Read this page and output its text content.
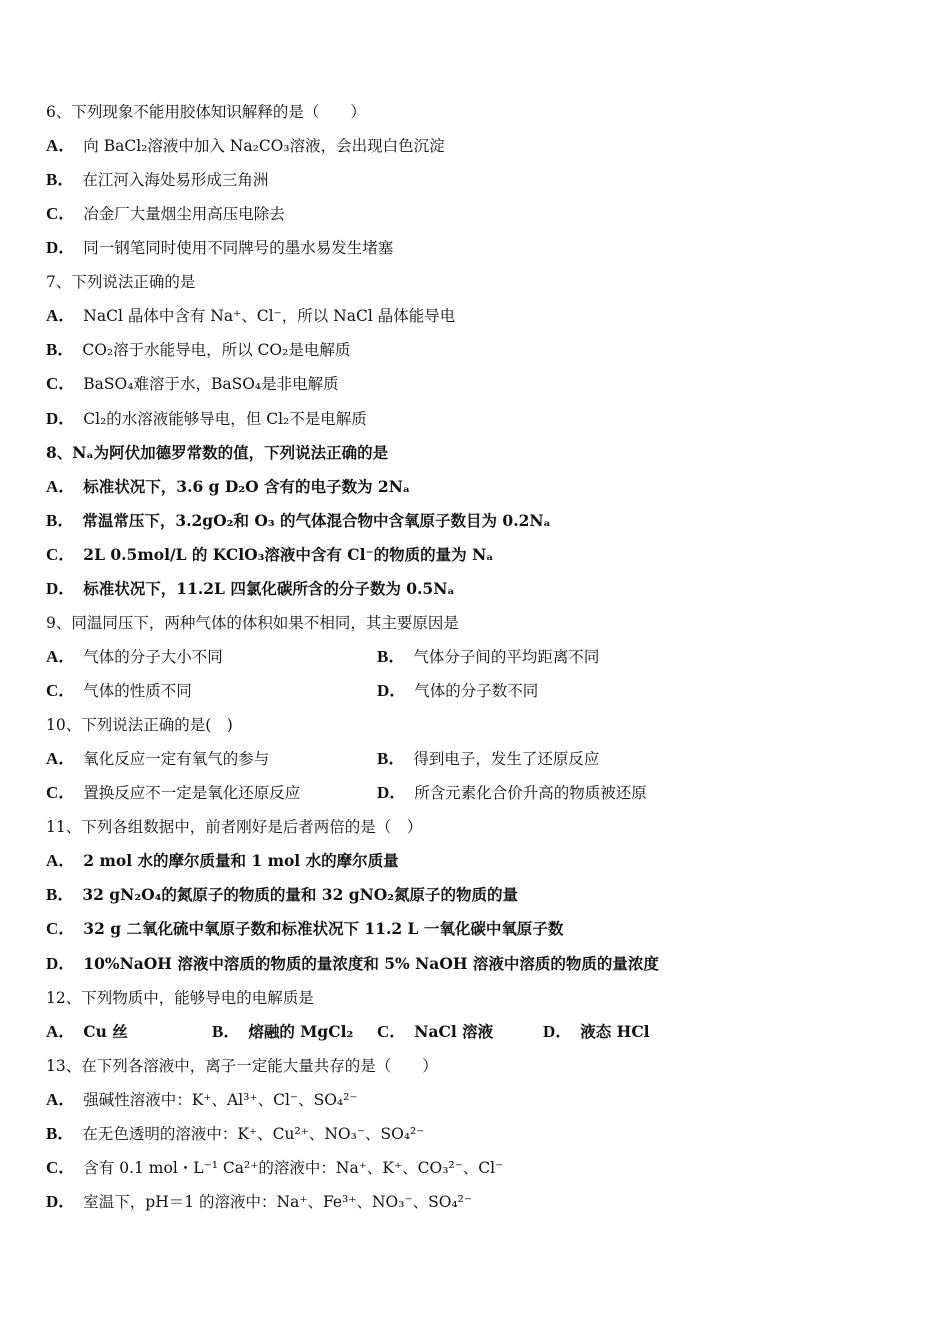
6、下列现象不能用胶体知识解释的是（　　）
A． 向 BaCl₂溶液中加入 Na₂CO₃溶液，会出现白色沉淀
B． 在江河入海处易形成三角洲
C． 冶金厂大量烟尘用高压电除去
D． 同一钢笔同时使用不同牌号的墨水易发生堵塞
7、下列说法正确的是
A． NaCl 晶体中含有 Na⁺、Cl⁻，所以 NaCl 晶体能导电
B． CO₂溶于水能导电，所以 CO₂是电解质
C． BaSO₄难溶于水，BaSO₄是非电解质
D． Cl₂的水溶液能够导电，但 Cl₂不是电解质
8、Nₐ为阿伏加德罗常数的值，下列说法正确的是
A． 标准状况下，3.6 g D₂O 含有的电子数为 2Nₐ
B． 常温常压下，3.2gO₂和 O₃ 的气体混合物中含氧原子数目为 0.2Nₐ
C． 2L 0.5mol/L 的 KClO₃溶液中含有 Cl⁻的物质的量为 Nₐ
D． 标准状况下，11.2L 四氯化碳所含的分子数为 0.5Nₐ
9、同温同压下，两种气体的体积如果不相同，其主要原因是
A． 气体的分子大小不同	B． 气体分子间的平均距离不同
C． 气体的性质不同	D． 气体的分子数不同
10、下列说法正确的是(　)
A． 氧化反应一定有氧气的参与	B． 得到电子，发生了还原反应
C． 置换反应不一定是氧化还原反应	D． 所含元素化合价升高的物质被还原
11、下列各组数据中，前者刚好是后者两倍的是（　）
A． 2 mol 水的摩尔质量和 1 mol 水的摩尔质量
B． 32 gN₂O₄的氮原子的物质的量和 32 gNO₂氮原子的物质的量
C． 32 g 二氧化硫中氧原子数和标准状况下 11.2 L 一氧化碳中氧原子数
D． 10%NaOH 溶液中溶质的物质的量浓度和 5% NaOH 溶液中溶质的物质的量浓度
12、下列物质中，能够导电的电解质是
A． Cu 丝	B． 熔融的 MgCl₂ C． NaCl 溶液	D． 液态 HCl
13、在下列各溶液中，离子一定能大量共存的是（　　）
A． 强碱性溶液中：K⁺、Al³⁺、Cl⁻、SO₄²⁻
B． 在无色透明的溶液中：K⁺、Cu²⁺、NO₃⁻、SO₄²⁻
C． 含有 0.1 mol・L⁻¹ Ca²⁺的溶液中：Na⁺、K⁺、CO₃²⁻、Cl⁻
D． 室温下，pH＝1 的溶液中：Na⁺、Fe³⁺、NO₃⁻、SO₄²⁻
